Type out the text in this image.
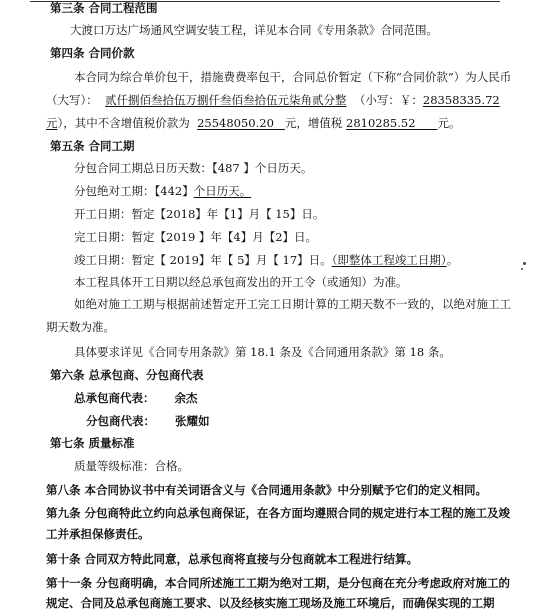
第三条 合同工程范围
大渡口万达广场通风空调安装工程，详见本合同《专用条款》合同范围。
第四条 合同价款
本合同为综合单价包干，措施费费率包干，合同总价暂定（下称“合同价款”）为人民币
（大写）： 贰仟捌佰叁拾伍万捌仟叁佰叁拾伍元柒角贰分整 （小写：￥：28358335.72
元），其中不含增值税价款为 25548050.20 元，增值税 2810285.52 元。
第五条 合同工期
分包合同工期总日历天数：【487 】个日历天。
分包绝对工期：【442】个日历天。
开工日期：暂定【2018】年【1】月【 15】日。
完工日期：暂定【2019 】年【4】月【2】日。
竣工日期：暂定【 2019】年【 5】月【 17】日。（即整体工程竣工日期）。
本工程具体开工日期以经总承包商发出的开工令（或通知）为准。
如绝对施工工期与根据前述暂定开工完工日期计算的工期天数不一致的，以绝对施工工
期天数为准。
具体要求详见《合同专用条款》第 18.1 条及《合同通用条款》第 18 条。
第六条 总承包商、分包商代表
总承包商代表： 余杰
分包商代表： 张耀如
第七条 质量标准
质量等级标准：合格。
第八条 本合同协议书中有关词语含义与《合同通用条款》中分别赋予它们的定义相同。
第九条 分包商特此立约向总承包商保证，在各方面均遵照合同的规定进行本工程的施工及竣
工并承担保修责任。
第十条 合同双方特此同意，总承包商将直接与分包商就本工程进行结算。
第十一条 分包商明确，本合同所述施工工期为绝对工期，是分包商在充分考虑政府对施工的
规定、合同及总承包商施工要求、以及经核实施工现场及施工环境后，而确保实现的工期
